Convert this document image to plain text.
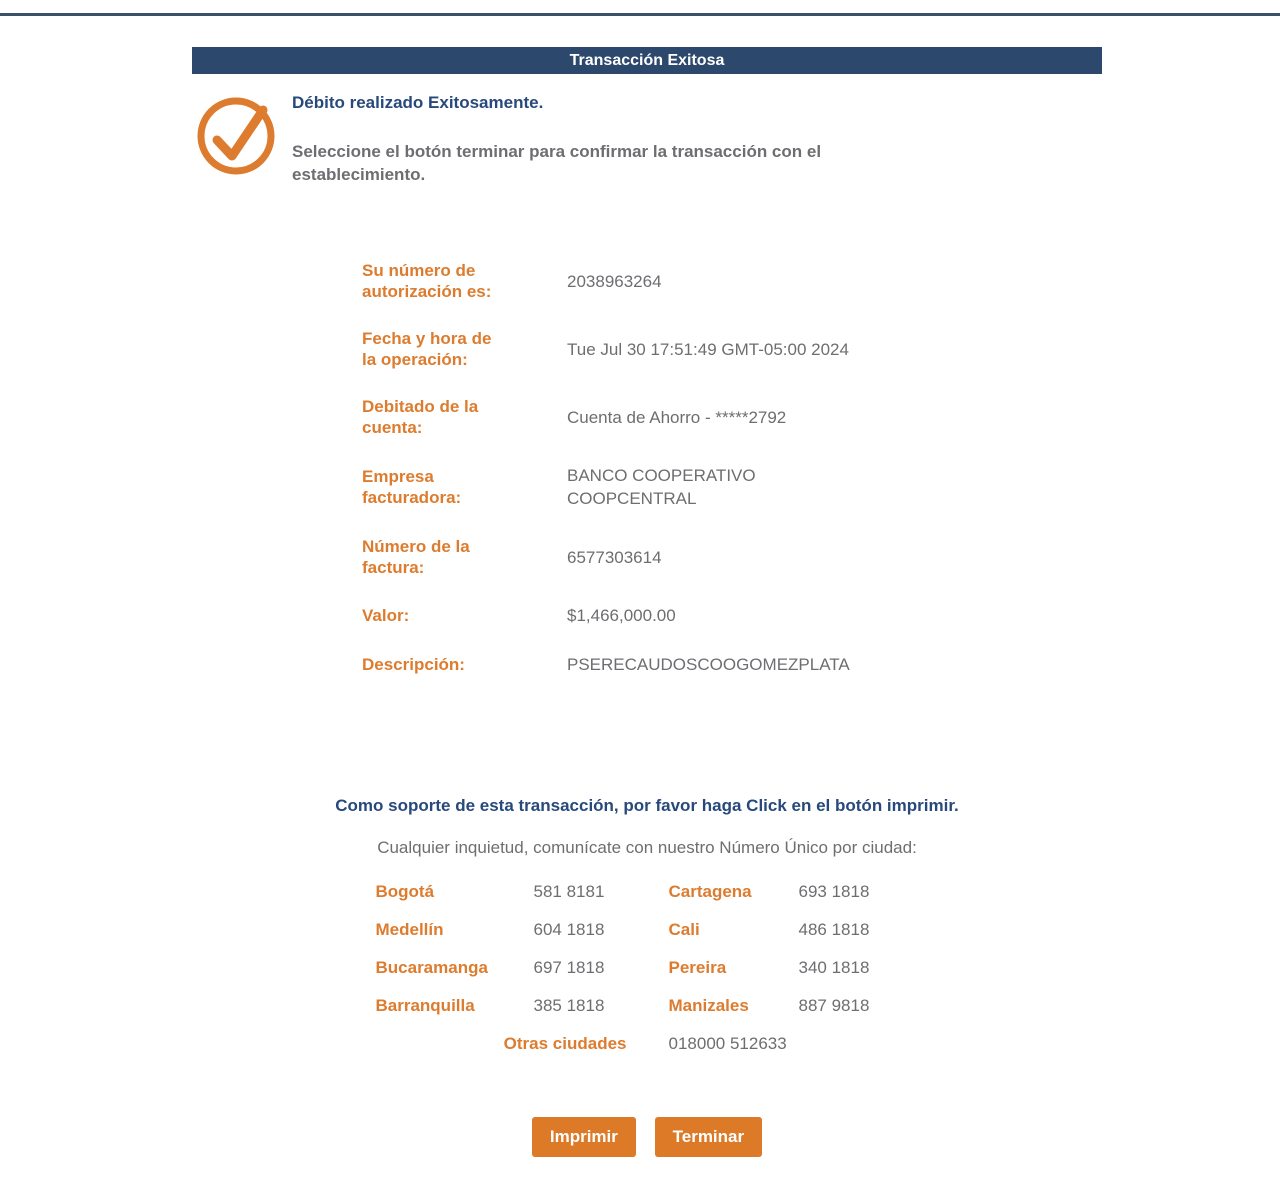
Transacción Exitosa

Débito realizado Exitosamente.

Seleccione el botón terminar para confirmar la transacción con el
establecimiento.

Su número de
autorización es:
2038963264
Fecha y hora de
la operación:
Tue Jul 30 17:51:49 GMT-05:00 2024
Debitado de la
cuenta:
Cuenta de Ahorro - *****2792
Empresa
facturadora:
BANCO COOPERATIVO
COOPCENTRAL
Número de la
factura:
6577303614
Valor:	$1,466,000.00
Descripción:	PSERECAUDOSCOOGOMEZPLATA
Como soporte de esta transacción, por favor haga Click en el botón imprimir.
Cualquier inquietud, comunícate con nuestro Número Único por ciudad:
Bogotá	581 8181	Cartagena	693 1818
Medellín	604 1818	Cali	486 1818
Bucaramanga	697 1818	Pereira	340 1818
Barranquilla	385 1818	Manizales	887 9818
Otras ciudades	018000 512633
Imprimir	Terminar
